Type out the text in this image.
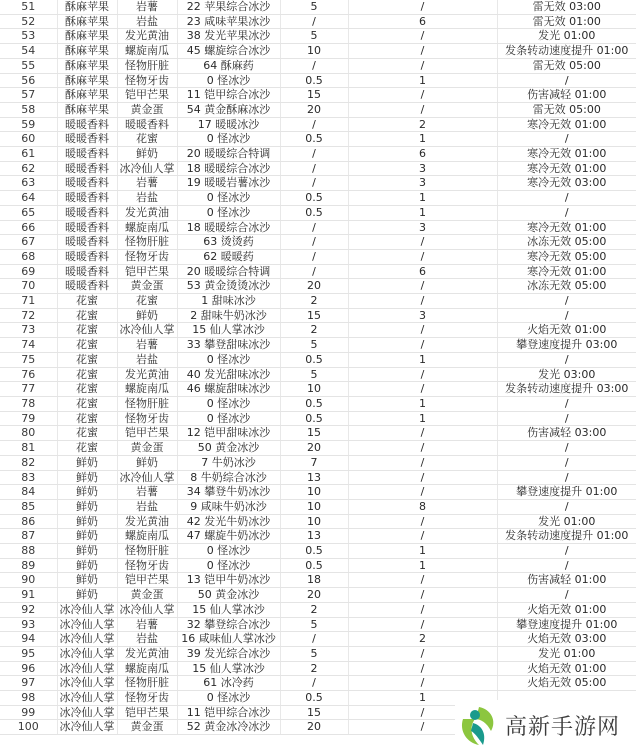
51	酥麻苹果	岩薯	22 苹果综合冰沙	5	/	雷无效 03:00
52	酥麻苹果	岩盐	23 咸味苹果冰沙	/	6	雷无效 01:00
53	酥麻苹果	发光黄油	38 发光苹果冰沙	5	/	发光 01:00
54	酥麻苹果	螺旋南瓜	45 螺旋综合冰沙	10	/	发条转动速度提升 01:00
55	酥麻苹果	怪物肝脏	64 酥麻药	/	/	雷无效 05:00
56	酥麻苹果	怪物牙齿	0 怪冰沙	0.5	1	/
57	酥麻苹果	铠甲芒果	11 铠甲综合冰沙	15	/	伤害减轻 01:00
58	酥麻苹果	黄金蛋	54 黄金酥麻冰沙	20	/	雷无效 05:00
59	暖暖香料	暖暖香料	17 暖暖冰沙	/	2	寒冷无效 01:00
60	暖暖香料	花蜜	0 怪冰沙	0.5	1	/
61	暖暖香料	鲜奶	20 暖暖综合特调	/	6	寒冷无效 01:00
62	暖暖香料	冰冷仙人掌	18 暖暖综合冰沙	/	3	寒冷无效 01:00
63	暖暖香料	岩薯	19 暖暖岩薯冰沙	/	3	寒冷无效 03:00
64	暖暖香料	岩盐	0 怪冰沙	0.5	1	/
65	暖暖香料	发光黄油	0 怪冰沙	0.5	1	/
66	暖暖香料	螺旋南瓜	18 暖暖综合冰沙	/	3	寒冷无效 01:00
67	暖暖香料	怪物肝脏	63 烫烫药	/	/	冰冻无效 05:00
68	暖暖香料	怪物牙齿	62 暖暖药	/	/	寒冷无效 05:00
69	暖暖香料	铠甲芒果	20 暖暖综合特调	/	6	寒冷无效 01:00
70	暖暖香料	黄金蛋	53 黄金烫烫冰沙	20	/	冰冻无效 05:00
71	花蜜	花蜜	1 甜味冰沙	2	/	/
72	花蜜	鲜奶	2 甜味牛奶冰沙	15	3	/
73	花蜜	冰冷仙人掌	15 仙人掌冰沙	2	/	火焰无效 01:00
74	花蜜	岩薯	33 攀登甜味冰沙	5	/	攀登速度提升 03:00
75	花蜜	岩盐	0 怪冰沙	0.5	1	/
76	花蜜	发光黄油	40 发光甜味冰沙	5	/	发光 03:00
77	花蜜	螺旋南瓜	46 螺旋甜味冰沙	10	/	发条转动速度提升 03:00
78	花蜜	怪物肝脏	0 怪冰沙	0.5	1	/
79	花蜜	怪物牙齿	0 怪冰沙	0.5	1	/
80	花蜜	铠甲芒果	12 铠甲甜味冰沙	15	/	伤害减轻 03:00
81	花蜜	黄金蛋	50 黄金冰沙	20	/	/
82	鲜奶	鲜奶	7 牛奶冰沙	7	/	/
83	鲜奶	冰冷仙人掌	8 牛奶综合冰沙	13	/	/
84	鲜奶	岩薯	34 攀登牛奶冰沙	10	/	攀登速度提升 01:00
85	鲜奶	岩盐	9 咸味牛奶冰沙	10	8	/
86	鲜奶	发光黄油	42 发光牛奶冰沙	10	/	发光 01:00
87	鲜奶	螺旋南瓜	47 螺旋牛奶冰沙	13	/	发条转动速度提升 01:00
88	鲜奶	怪物肝脏	0 怪冰沙	0.5	1	/
89	鲜奶	怪物牙齿	0 怪冰沙	0.5	1	/
90	鲜奶	铠甲芒果	13 铠甲牛奶冰沙	18	/	伤害减轻 01:00
91	鲜奶	黄金蛋	50 黄金冰沙	20	/	/
92	冰冷仙人掌	冰冷仙人掌	15 仙人掌冰沙	2	/	火焰无效 01:00
93	冰冷仙人掌	岩薯	32 攀登综合冰沙	5	/	攀登速度提升 01:00
94	冰冷仙人掌	岩盐	16 咸味仙人掌冰沙	/	2	火焰无效 03:00
95	冰冷仙人掌	发光黄油	39 发光综合冰沙	5	/	发光 01:00
96	冰冷仙人掌	螺旋南瓜	15 仙人掌冰沙	2	/	火焰无效 01:00
97	冰冷仙人掌	怪物肝脏	61 冰冷药	/	/	火焰无效 05:00
98	冰冷仙人掌	怪物牙齿	0 怪冰沙	0.5	1	
99	冰冷仙人掌	铠甲芒果	11 铠甲综合冰沙	15	/	
100	冰冷仙人掌	黄金蛋	52 黄金冰冷冰沙	20	/		高新手游网
